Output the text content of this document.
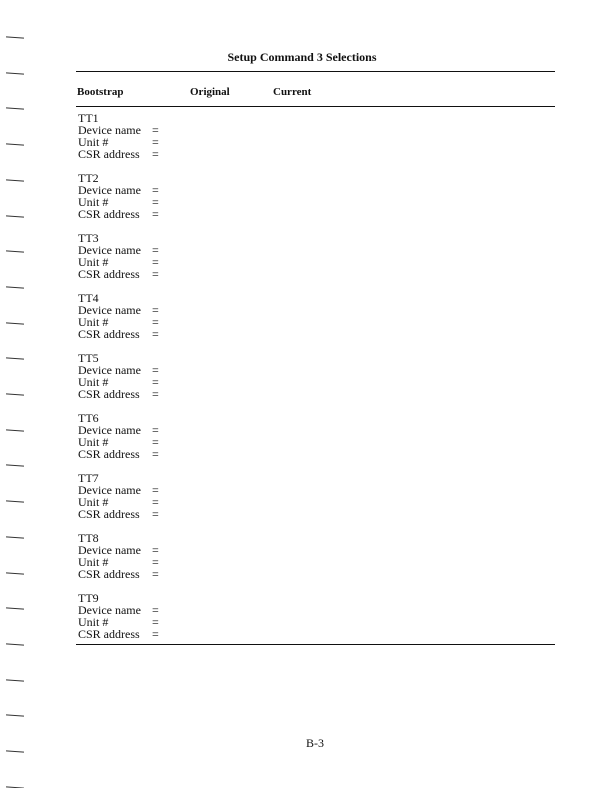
Setup Command 3 Selections
Bootstrap	Original	Current
TT1
Device name =
Unit #	=
CSR address =
TT2
Device name =
Unit #	=
CSR address =
TT3
Device name =
Unit #	=
CSR address =
TT4
Device name =
Unit #	=
CSR address =
TT5
Device name =
Unit #	=
CSR address =
TT6
Device name =
Unit #	=
CSR address =
TT7
Device name =
Unit #	=
CSR address =
TT8
Device name =
Unit #	=
CSR address =
TT9
Device name =
Unit #	=
CSR address =
B-3
